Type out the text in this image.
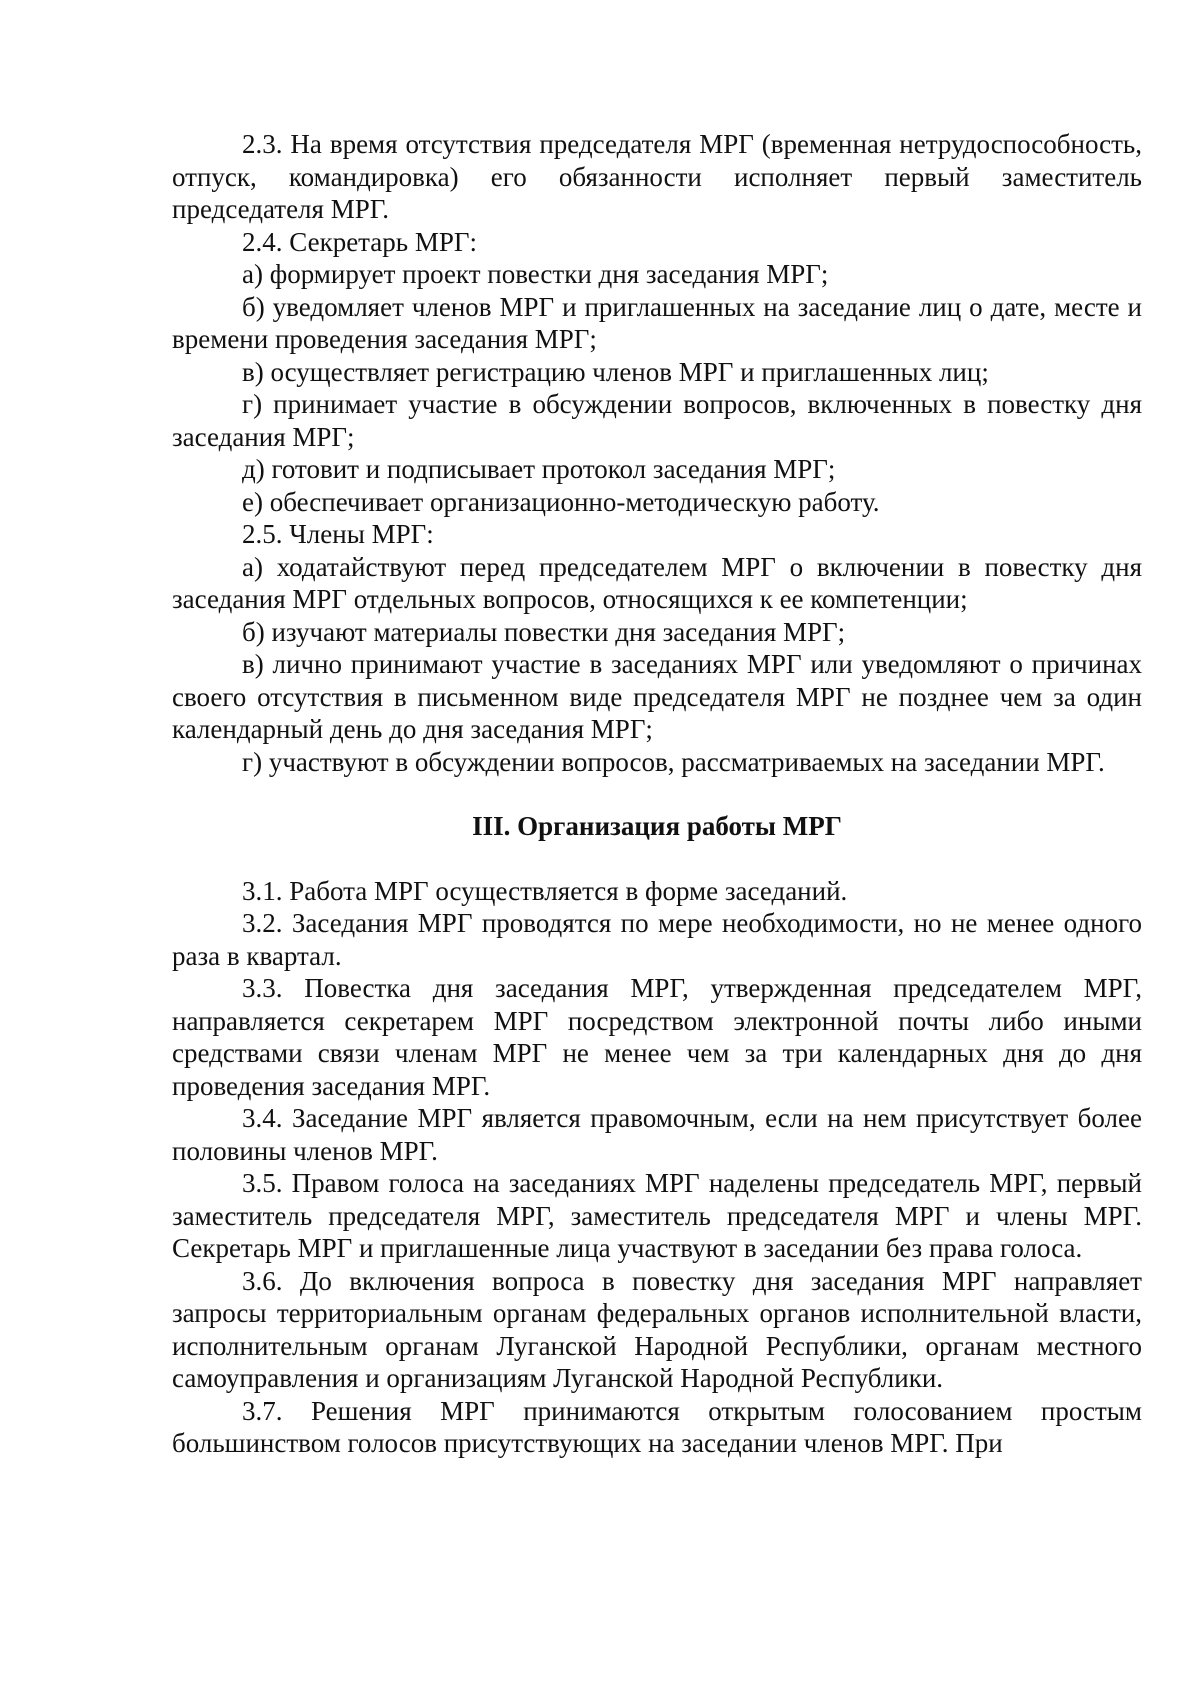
2.3. На время отсутствия председателя МРГ (временная нетрудоспособность, отпуск, командировка) его обязанности исполняет первый заместитель председателя МРГ.

2.4. Секретарь МРГ:

а) формирует проект повестки дня заседания МРГ;

б) уведомляет членов МРГ и приглашенных на заседание лиц о дате, месте и времени проведения заседания МРГ;

в) осуществляет регистрацию членов МРГ и приглашенных лиц;

г) принимает участие в обсуждении вопросов, включенных в повестку дня заседания МРГ;

д) готовит и подписывает протокол заседания МРГ;

е) обеспечивает организационно-методическую работу.

2.5. Члены МРГ:

а) ходатайствуют перед председателем МРГ о включении в повестку дня заседания МРГ отдельных вопросов, относящихся к ее компетенции;

б) изучают материалы повестки дня заседания МРГ;

в) лично принимают участие в заседаниях МРГ или уведомляют о причинах своего отсутствия в письменном виде председателя МРГ не позднее чем за один календарный день до дня заседания МРГ;

г) участвуют в обсуждении вопросов, рассматриваемых на заседании МРГ.

III. Организация работы МРГ

3.1. Работа МРГ осуществляется в форме заседаний.

3.2. Заседания МРГ проводятся по мере необходимости, но не менее одного раза в квартал.

3.3. Повестка дня заседания МРГ, утвержденная председателем МРГ, направляется секретарем МРГ посредством электронной почты либо иными средствами связи членам МРГ не менее чем за три календарных дня до дня проведения заседания МРГ.

3.4. Заседание МРГ является правомочным, если на нем присутствует более половины членов МРГ.

3.5. Правом голоса на заседаниях МРГ наделены председатель МРГ, первый заместитель председателя МРГ, заместитель председателя МРГ и члены МРГ. Секретарь МРГ и приглашенные лица участвуют в заседании без права голоса.

3.6. До включения вопроса в повестку дня заседания МРГ направляет запросы территориальным органам федеральных органов исполнительной власти, исполнительным органам Луганской Народной Республики, органам местного самоуправления и организациям Луганской Народной Республики.

3.7. Решения МРГ принимаются открытым голосованием простым большинством голосов присутствующих на заседании членов МРГ. При
